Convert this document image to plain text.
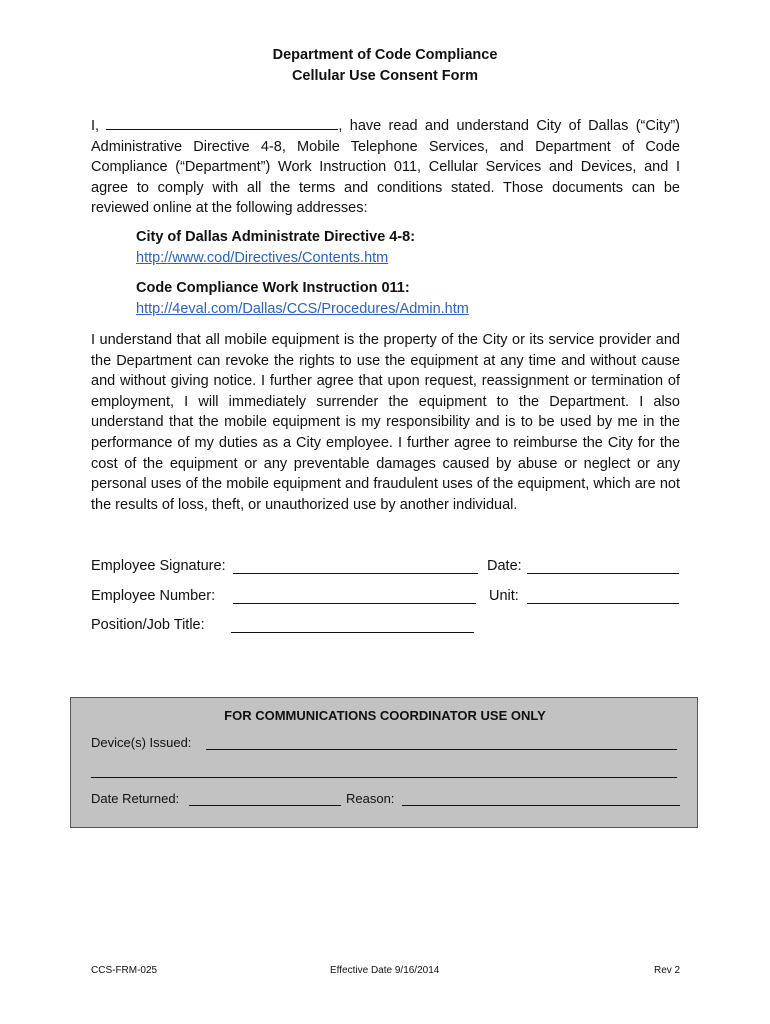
Department of Code Compliance
Cellular Use Consent Form
I,	, have read and understand City of Dallas (“City”) Administrative Directive 4-8, Mobile Telephone Services, and Department of Code Compliance (“Department”) Work Instruction 011, Cellular Services and Devices, and I agree to comply with all the terms and conditions stated. Those documents can be reviewed online at the following addresses:
City of Dallas Administrate Directive 4-8:
http://www.cod/Directives/Contents.htm
Code Compliance Work Instruction 011:
http://4eval.com/Dallas/CCS/Procedures/Admin.htm
I understand that all mobile equipment is the property of the City or its service provider and the Department can revoke the rights to use the equipment at any time and without cause and without giving notice. I further agree that upon request, reassignment or termination of employment, I will immediately surrender the equipment to the Department. I also understand that the mobile equipment is my responsibility and is to be used by me in the performance of my duties as a City employee. I further agree to reimburse the City for the cost of the equipment or any preventable damages caused by abuse or neglect or any personal uses of the mobile equipment and fraudulent uses of the equipment, which are not the results of loss, theft, or unauthorized use by another individual.
Employee Signature:	Date:
Employee Number:	Unit:
Position/Job Title:
FOR COMMUNICATIONS COORDINATOR USE ONLY
Device(s) Issued:
Date Returned:	Reason:
CCS-FRM-025	Effective Date 9/16/2014	Rev 2
